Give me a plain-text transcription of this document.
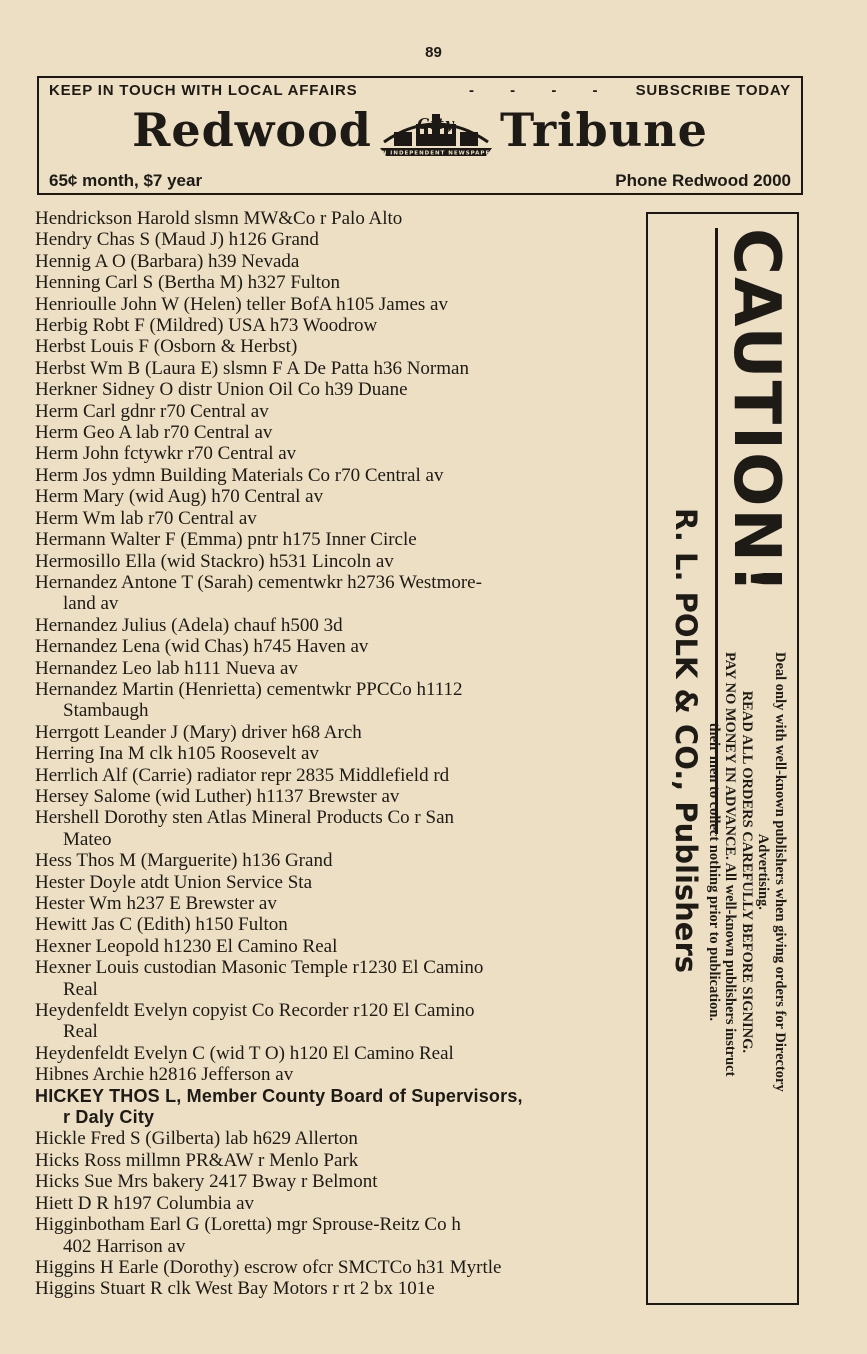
89
KEEP IN TOUCH WITH LOCAL AFFAIRS	- - - - SUBSCRIBE TODAY
Redwood AN INDEPENDENT NEWSPAPER
City Tribune
65¢ month, $7 year	Phone Redwood 2000
Hendrickson Harold slsmn MW&Co r Palo Alto
Hendry Chas S (Maud J) h126 Grand
Hennig A O (Barbara) h39 Nevada
Henning Carl S (Bertha M) h327 Fulton
Henrioulle John W (Helen) teller BofA h105 James av
Herbig Robt F (Mildred) USA h73 Woodrow
Herbst Louis F (Osborn & Herbst)
Herbst Wm B (Laura E) slsmn F A De Patta h36 Norman
Herkner Sidney O distr Union Oil Co h39 Duane
Herm Carl gdnr r70 Central av
Herm Geo A lab r70 Central av
Herm John fctywkr r70 Central av
Herm Jos ydmn Building Materials Co r70 Central av
Herm Mary (wid Aug) h70 Central av
Herm Wm lab r70 Central av
Hermann Walter F (Emma) pntr h175 Inner Circle
Hermosillo Ella (wid Stackro) h531 Lincoln av
Hernandez Antone T (Sarah) cementwkr h2736 Westmore-
land av
Hernandez Julius (Adela) chauf h500 3d
Hernandez Lena (wid Chas) h745 Haven av
Hernandez Leo lab h111 Nueva av
Hernandez Martin (Henrietta) cementwkr PPCCo h1112
Stambaugh
Herrgott Leander J (Mary) driver h68 Arch
Herring Ina M clk h105 Roosevelt av
Herrlich Alf (Carrie) radiator repr 2835 Middlefield rd
Hersey Salome (wid Luther) h1137 Brewster av
Hershell Dorothy sten Atlas Mineral Products Co r San
Mateo
Hess Thos M (Marguerite) h136 Grand
Hester Doyle atdt Union Service Sta
Hester Wm h237 E Brewster av
Hewitt Jas C (Edith) h150 Fulton
Hexner Leopold h1230 El Camino Real
Hexner Louis custodian Masonic Temple r1230 El Camino
Real
Heydenfeldt Evelyn copyist Co Recorder r120 El Camino
Real
Heydenfeldt Evelyn C (wid T O) h120 El Camino Real
Hibnes Archie h2816 Jefferson av
HICKEY THOS L, Member County Board of Supervisors,
r Daly City
Hickle Fred S (Gilberta) lab h629 Allerton
Hicks Ross millmn PR&AW r Menlo Park
Hicks Sue Mrs bakery 2417 Bway r Belmont
Hiett D R h197 Columbia av
Higginbotham Earl G (Loretta) mgr Sprouse-Reitz Co h
402 Harrison av
Higgins H Earle (Dorothy) escrow ofcr SMCTCo h31 Myrtle
Higgins Stuart R clk West Bay Motors r rt 2 bx 101e
CAUTION!
R. L. POLK & CO., Publishers	Deal only with well-known publishers when giving orders for Directory
Advertising.
READ ALL ORDERS CAREFULLY BEFORE SIGNING.
PAY NO MONEY IN ADVANCE. All well-known publishers instruct
their men to collect nothing prior to publication.
